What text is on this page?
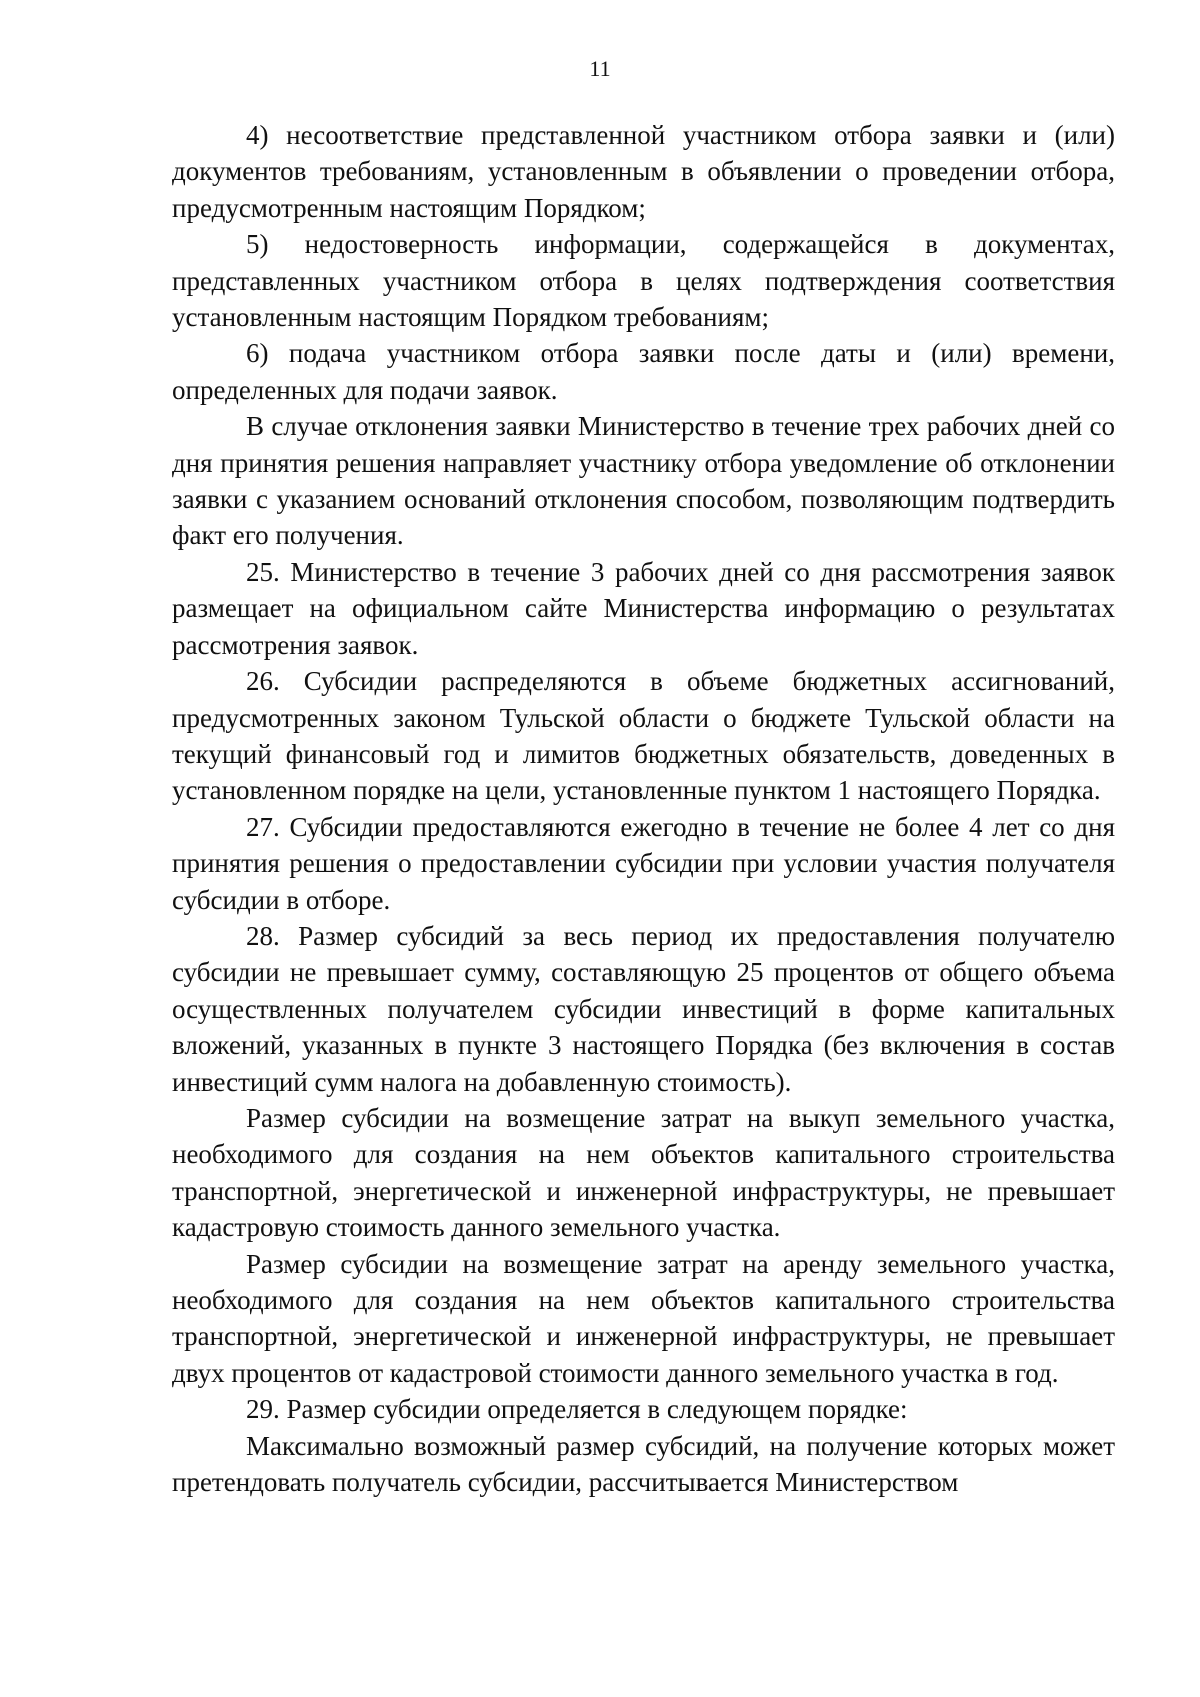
11

4) несоответствие представленной участником отбора заявки и (или) документов требованиям, установленным в объявлении о проведении отбора, предусмотренным настоящим Порядком;

5) недостоверность информации, содержащейся в документах, представленных участником отбора в целях подтверждения соответствия установленным настоящим Порядком требованиям;

6) подача участником отбора заявки после даты и (или) времени, определенных для подачи заявок.

В случае отклонения заявки Министерство в течение трех рабочих дней со дня принятия решения направляет участнику отбора уведомление об отклонении заявки с указанием оснований отклонения способом, позволяющим подтвердить факт его получения.

25. Министерство в течение 3 рабочих дней со дня рассмотрения заявок размещает на официальном сайте Министерства информацию о результатах рассмотрения заявок.

26. Субсидии распределяются в объеме бюджетных ассигнований, предусмотренных законом Тульской области о бюджете Тульской области на текущий финансовый год и лимитов бюджетных обязательств, доведенных в установленном порядке на цели, установленные пунктом 1 настоящего Порядка.

27. Субсидии предоставляются ежегодно в течение не более 4 лет со дня принятия решения о предоставлении субсидии при условии участия получателя субсидии в отборе.

28. Размер субсидий за весь период их предоставления получателю субсидии не превышает сумму, составляющую 25 процентов от общего объема осуществленных получателем субсидии инвестиций в форме капитальных вложений, указанных в пункте 3 настоящего Порядка (без включения в состав инвестиций сумм налога на добавленную стоимость).

Размер субсидии на возмещение затрат на выкуп земельного участка, необходимого для создания на нем объектов капитального строительства транспортной, энергетической и инженерной инфраструктуры, не превышает кадастровую стоимость данного земельного участка.

Размер субсидии на возмещение затрат на аренду земельного участка, необходимого для создания на нем объектов капитального строительства транспортной, энергетической и инженерной инфраструктуры, не превышает двух процентов от кадастровой стоимости данного земельного участка в год.

29. Размер субсидии определяется в следующем порядке:

Максимально возможный размер субсидий, на получение которых может претендовать получатель субсидии, рассчитывается Министерством
